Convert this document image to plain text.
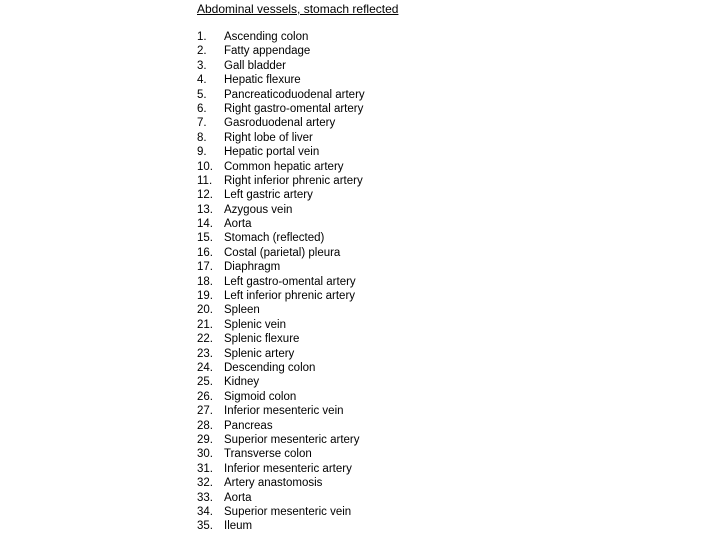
Abdominal vessels, stomach reflected
1.	Ascending colon
2.	Fatty appendage
3.	Gall bladder
4.	Hepatic flexure
5.	Pancreaticoduodenal artery
6.	Right gastro-omental artery
7.	Gasroduodenal artery
8.	Right lobe of liver
9.	Hepatic portal vein
10. Common hepatic artery
11.	Right inferior phrenic artery
12. Left gastric artery
13. Azygous vein
14. Aorta
15. Stomach (reflected)
16. Costal (parietal) pleura
17. Diaphragm
18. Left gastro-omental artery
19. Left inferior phrenic artery
20. Spleen
21. Splenic vein
22. Splenic flexure
23. Splenic artery
24. Descending colon
25. Kidney
26. Sigmoid colon
27. Inferior mesenteric vein
28. Pancreas
29. Superior mesenteric artery
30. Transverse colon
31. Inferior mesenteric artery
32. Artery anastomosis
33. Aorta
34. Superior mesenteric vein
35. Ileum
